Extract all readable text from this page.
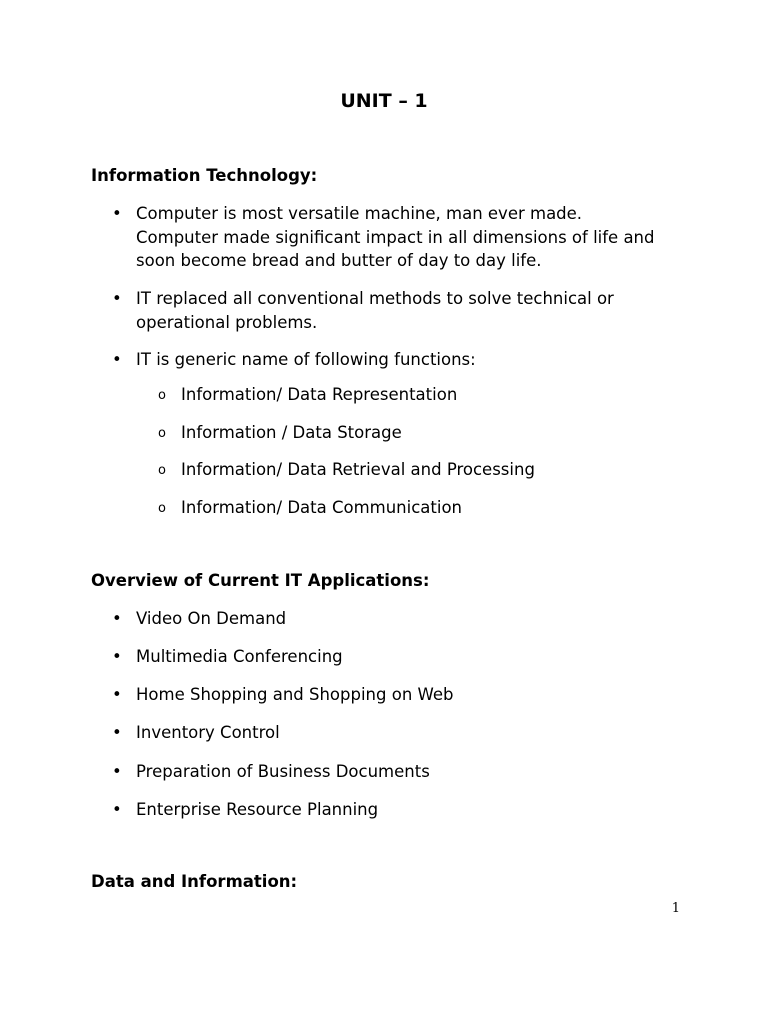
UNIT – 1
Information Technology:

• Computer is most versatile machine, man ever made. Computer made significant impact in all dimensions of life and soon become bread and butter of day to day life.

• IT replaced all conventional methods to solve technical or operational problems.

• IT is generic name of following functions:

o Information/ Data Representation

o Information / Data Storage

o Information/ Data Retrieval and Processing

o Information/ Data Communication

Overview of Current IT Applications:

• Video On Demand

• Multimedia Conferencing

• Home Shopping and Shopping on Web

• Inventory Control

• Preparation of Business Documents

• Enterprise Resource Planning

Data and Information:

1
